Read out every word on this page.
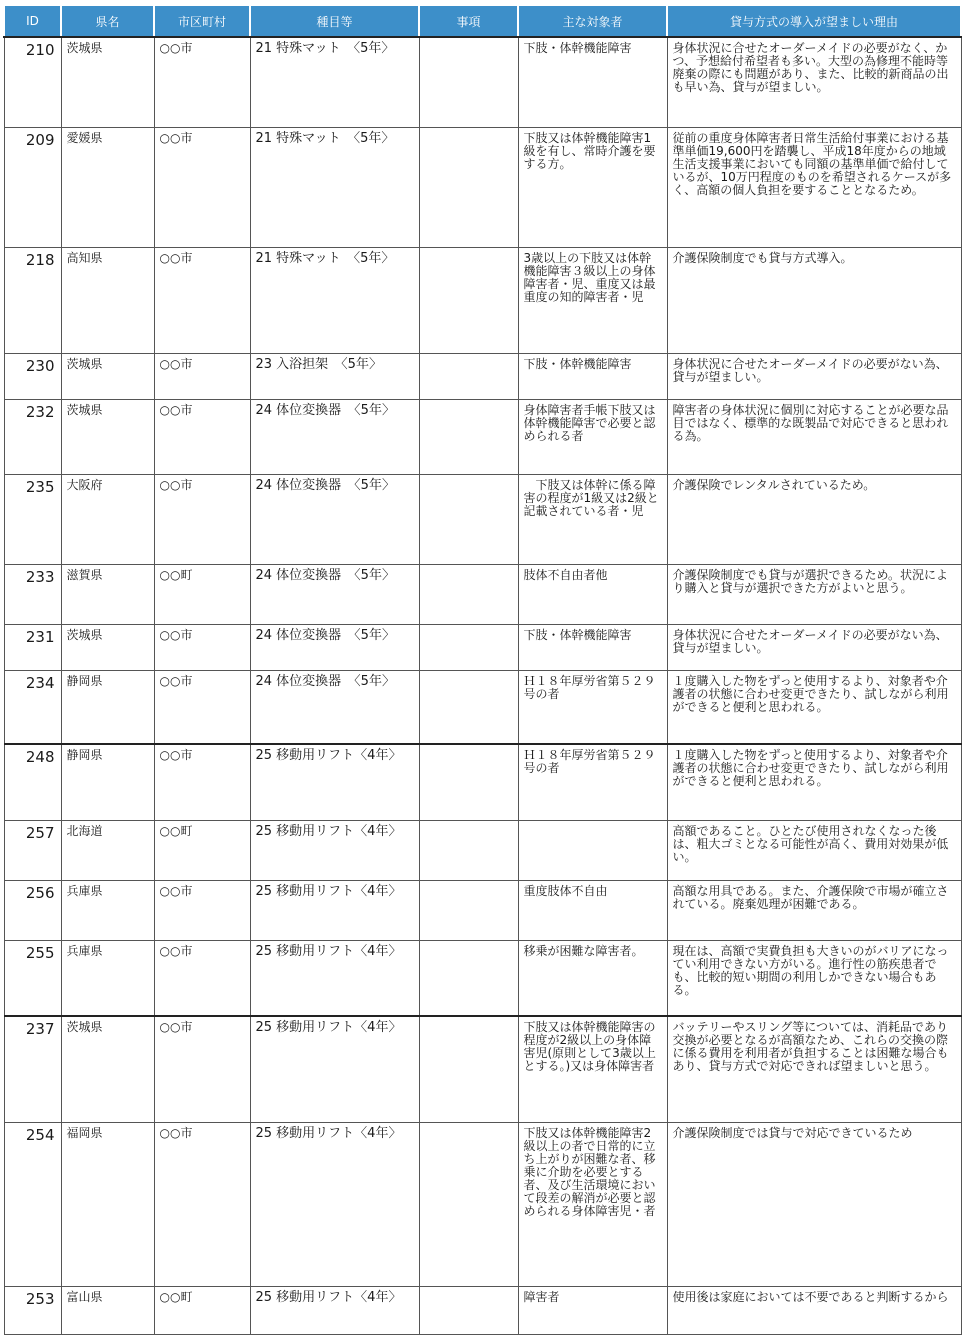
ID	県名	市区町村	種目等	事項	主な対象者	貸与方式の導入が望ましい理由
210	茨城県	○○市	21 特殊マット　〈5年〉		下肢・体幹機能障害	身体状況に合せたオーダーメイドの必要がなく、かつ、予想給付希望者も多い。大型の為修理不能時等廃棄の際にも問題があり、また、比較的新商品の出も早い為、貸与が望ましい。
209	愛媛県	○○市	21 特殊マット　〈5年〉		下肢又は体幹機能障害1級を有し、常時介護を要する方。	従前の重度身体障害者日常生活給付事業における基準単価19,600円を踏襲し、平成18年度からの地域生活支援事業においても同額の基準単価で給付しているが、10万円程度のものを希望されるケースが多く、高額の個人負担を要することとなるため。
218	高知県	○○市	21 特殊マット　〈5年〉		3歳以上の下肢又は体幹機能障害３級以上の身体障害者・児、重度又は最重度の知的障害者・児	介護保険制度でも貸与方式導入。
230	茨城県	○○市	23 入浴担架　〈5年〉		下肢・体幹機能障害	身体状況に合せたオーダーメイドの必要がない為、貸与が望ましい。
232	茨城県	○○市	24 体位変換器　〈5年〉		身体障害者手帳下肢又は体幹機能障害で必要と認められる者	障害者の身体状況に個別に対応することが必要な品目ではなく、標準的な既製品で対応できると思われる為。
235	大阪府	○○市	24 体位変換器　〈5年〉		　下肢又は体幹に係る障害の程度が1級又は2級と記載されている者・児	介護保険でレンタルされているため。
233	滋賀県	○○町	24 体位変換器　〈5年〉		肢体不自由者他	介護保険制度でも貸与が選択できるため。状況により購入と貸与が選択できた方がよいと思う。
231	茨城県	○○市	24 体位変換器　〈5年〉		下肢・体幹機能障害	身体状況に合せたオーダーメイドの必要がない為、貸与が望ましい。
234	静岡県	○○市	24 体位変換器　〈5年〉		Ｈ１８年厚労省第５２９号の者	１度購入した物をずっと使用するより、対象者や介護者の状態に合わせ変更できたり、試しながら利用ができると便利と思われる。
248	静岡県	○○市	25 移動用リフト〈4年〉		Ｈ１８年厚労省第５２９号の者	１度購入した物をずっと使用するより、対象者や介護者の状態に合わせ変更できたり、試しながら利用ができると便利と思われる。
257	北海道	○○町	25 移動用リフト〈4年〉			高額であること。ひとたび使用されなくなった後は、粗大ゴミとなる可能性が高く、費用対効果が低い。
256	兵庫県	○○市	25 移動用リフト〈4年〉		重度肢体不自由	高額な用具である。また、介護保険で市場が確立されている。廃棄処理が困難である。
255	兵庫県	○○市	25 移動用リフト〈4年〉		移乗が困難な障害者。	現在は、高額で実費負担も大きいのがバリアになってい利用できない方がいる。進行性の筋疾患者でも、比較的短い期間の利用しかできない場合もある。
237	茨城県	○○市	25 移動用リフト〈4年〉		下肢又は体幹機能障害の程度が2級以上の身体障害児(原則として3歳以上とする。)又は身体障害者	バッテリーやスリング等については、消耗品であり交換が必要となるが高額なため、これらの交換の際に係る費用を利用者が負担することは困難な場合もあり、貸与方式で対応できれば望ましいと思う。
254	福岡県	○○市	25 移動用リフト〈4年〉		下肢又は体幹機能障害2級以上の者で日常的に立ち上がりが困難な者、移乗に介助を必要とする者、及び生活環境において段差の解消が必要と認められる身体障害児・者	介護保険制度では貸与で対応できているため
253	富山県	○○町	25 移動用リフト〈4年〉		障害者	使用後は家庭においては不要であると判断するから
